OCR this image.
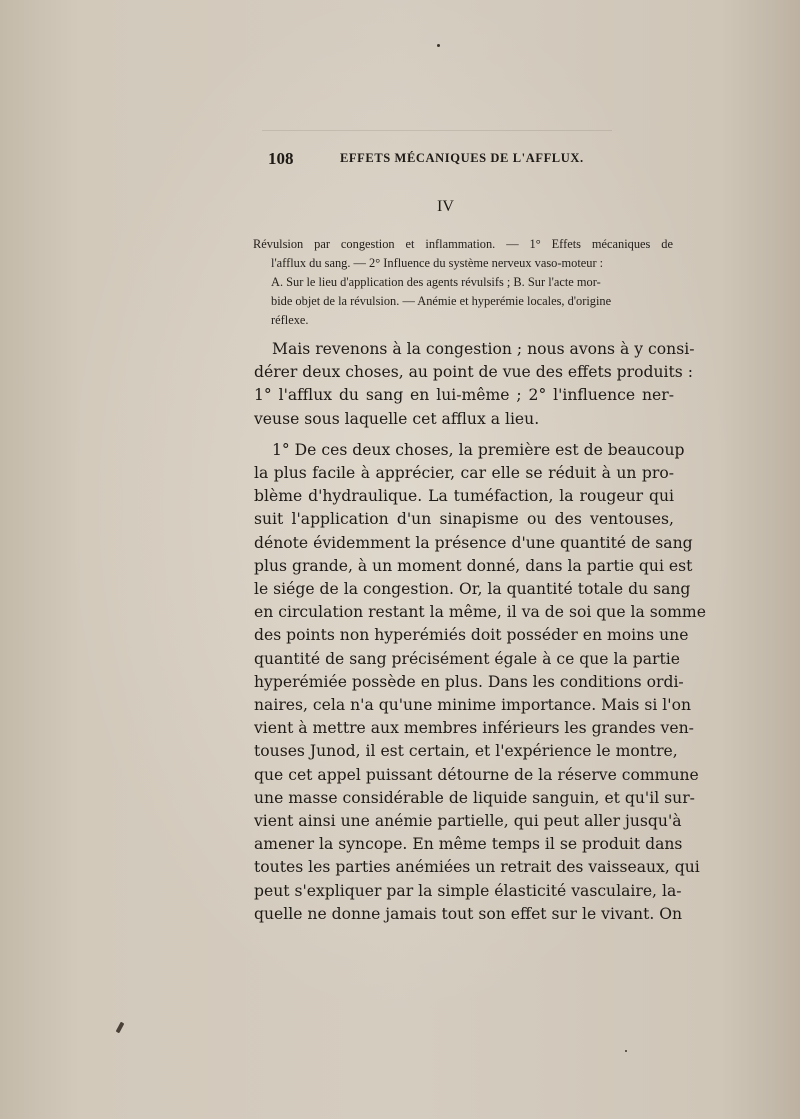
108	EFFETS MÉCANIQUES DE L'AFFLUX.
IV
Révulsion par congestion et inflammation. — 1° Effets mécaniques de
l'afflux du sang. — 2° Influence du système nerveux vaso-moteur :
A. Sur le lieu d'application des agents révulsifs ; B. Sur l'acte mor-
bide objet de la révulsion. — Anémie et hyperémie locales, d'origine
réflexe.
Mais revenons à la congestion ; nous avons à y consi-
dérer deux choses, au point de vue des effets produits :
1° l'afflux du sang en lui-même ; 2° l'influence ner-
veuse sous laquelle cet afflux a lieu.
1° De ces deux choses, la première est de beaucoup
la plus facile à apprécier, car elle se réduit à un pro-
blème d'hydraulique. La tuméfaction, la rougeur qui
suit l'application d'un sinapisme ou des ventouses,
dénote évidemment la présence d'une quantité de sang
plus grande, à un moment donné, dans la partie qui est
le siége de la congestion. Or, la quantité totale du sang
en circulation restant la même, il va de soi que la somme
des points non hyperémiés doit posséder en moins une
quantité de sang précisément égale à ce que la partie
hyperémiée possède en plus. Dans les conditions ordi-
naires, cela n'a qu'une minime importance. Mais si l'on
vient à mettre aux membres inférieurs les grandes ven-
touses Junod, il est certain, et l'expérience le montre,
que cet appel puissant détourne de la réserve commune
une masse considérable de liquide sanguin, et qu'il sur-
vient ainsi une anémie partielle, qui peut aller jusqu'à
amener la syncope. En même temps il se produit dans
toutes les parties anémiées un retrait des vaisseaux, qui
peut s'expliquer par la simple élasticité vasculaire, la-
quelle ne donne jamais tout son effet sur le vivant. On
